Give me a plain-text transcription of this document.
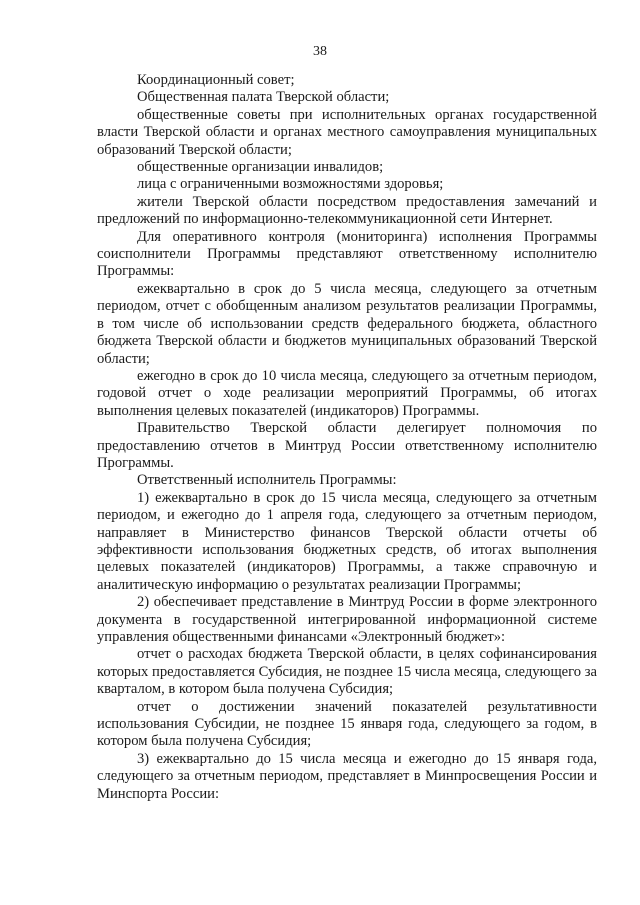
38

Координационный совет;

Общественная палата Тверской области;

общественные советы при исполнительных органах государственной власти Тверской области и органах местного самоуправления муниципальных образований Тверской области;

общественные организации инвалидов;

лица с ограниченными возможностями здоровья;

жители Тверской области посредством предоставления замечаний и предложений по информационно-телекоммуникационной сети Интернет.

Для оперативного контроля (мониторинга) исполнения Программы соисполнители Программы представляют ответственному исполнителю Программы:

ежеквартально в срок до 5 числа месяца, следующего за отчетным периодом, отчет с обобщенным анализом результатов реализации Программы, в том числе об использовании средств федерального бюджета, областного бюджета Тверской области и бюджетов муниципальных образований Тверской области;

ежегодно в срок до 10 числа месяца, следующего за отчетным периодом, годовой отчет о ходе реализации мероприятий Программы, об итогах выполнения целевых показателей (индикаторов) Программы.

Правительство Тверской области делегирует полномочия по предоставлению отчетов в Минтруд России ответственному исполнителю Программы.

Ответственный исполнитель Программы:

1) ежеквартально в срок до 15 числа месяца, следующего за отчетным периодом, и ежегодно до 1 апреля года, следующего за отчетным периодом, направляет в Министерство финансов Тверской области отчеты об эффективности использования бюджетных средств, об итогах выполнения целевых показателей (индикаторов) Программы, а также справочную и аналитическую информацию о результатах реализации Программы;

2) обеспечивает представление в Минтруд России в форме электронного документа в государственной интегрированной информационной системе управления общественными финансами «Электронный бюджет»:

отчет о расходах бюджета Тверской области, в целях софинансирования которых предоставляется Субсидия, не позднее 15 числа месяца, следующего за кварталом, в котором была получена Субсидия;

отчет о достижении значений показателей результативности использования Субсидии, не позднее 15 января года, следующего за годом, в котором была получена Субсидия;

3) ежеквартально до 15 числа месяца и ежегодно до 15 января года, следующего за отчетным периодом, представляет в Минпросвещения России и Минспорта России:
